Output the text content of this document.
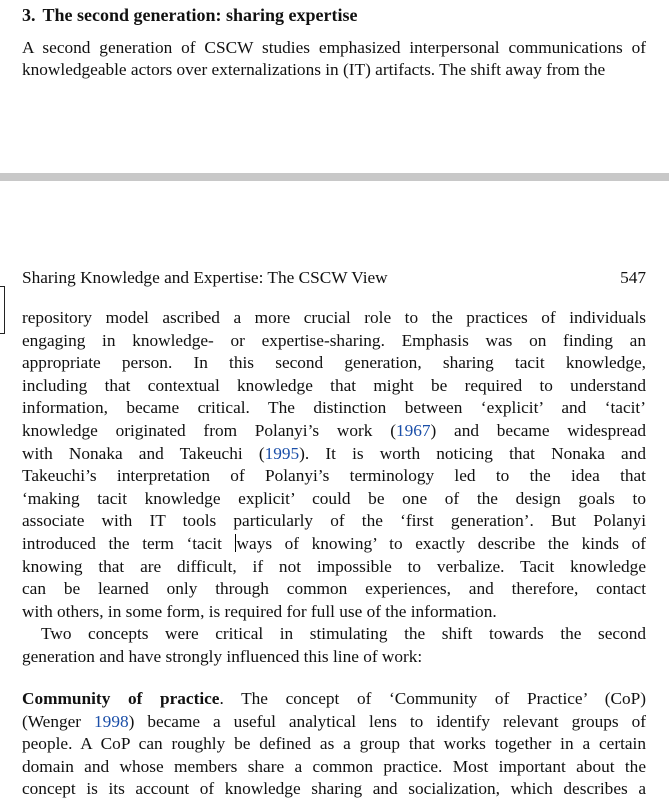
3. The second generation: sharing expertise
A second generation of CSCW studies emphasized interpersonal communications of
knowledgeable actors over externalizations in (IT) artifacts. The shift away from the
Sharing Knowledge and Expertise: The CSCW View	547
repository model ascribed a more crucial role to the practices of individuals
engaging in knowledge- or expertise-sharing. Emphasis was on finding an
appropriate person. In this second generation, sharing tacit knowledge,
including that contextual knowledge that might be required to understand
information, became critical. The distinction between ‘explicit’ and ‘tacit’
knowledge originated from Polanyi’s work (1967) and became widespread
with Nonaka and Takeuchi (1995). It is worth noticing that Nonaka and
Takeuchi’s interpretation of Polanyi’s terminology led to the idea that
‘making tacit knowledge explicit’ could be one of the design goals to
associate with IT tools particularly of the ‘first generation’. But Polanyi
introduced the term ‘tacit ways of knowing’ to exactly describe the kinds of
knowing that are difficult, if not impossible to verbalize. Tacit knowledge
can be learned only through common experiences, and therefore, contact
with others, in some form, is required for full use of the information.
Two concepts were critical in stimulating the shift towards the second
generation and have strongly influenced this line of work:
Community of practice. The concept of ‘Community of Practice’ (CoP)
(Wenger 1998) became a useful analytical lens to identify relevant groups of
people. A CoP can roughly be defined as a group that works together in a certain
domain and whose members share a common practice. Most important about the
concept is its account of knowledge sharing and socialization, which describes a
